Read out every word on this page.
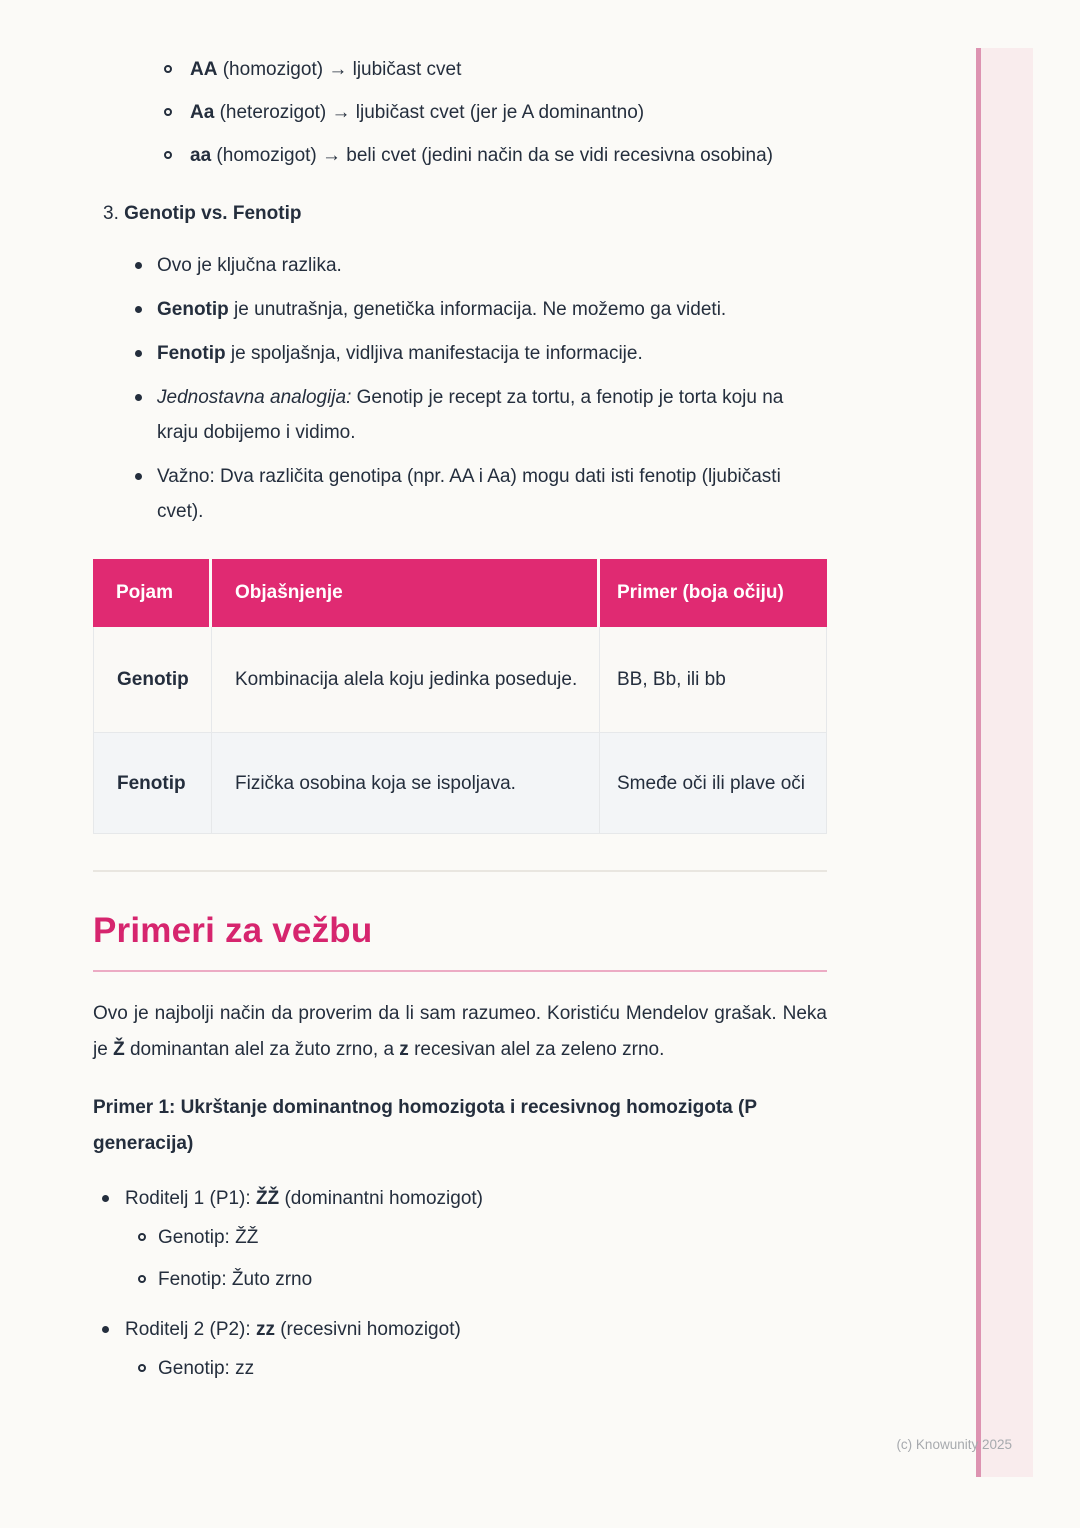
AA (homozigot) → ljubičast cvet
Aa (heterozigot) → ljubičast cvet (jer je A dominantno)
aa (homozigot) → beli cvet (jedini način da se vidi recesivna osobina)
3. Genotip vs. Fenotip
Ovo je ključna razlika.
Genotip je unutrašnja, genetička informacija. Ne možemo ga videti.
Fenotip je spoljašnja, vidljiva manifestacija te informacije.
Jednostavna analogija: Genotip je recept za tortu, a fenotip je torta koju na kraju dobijemo i vidimo.
Važno: Dva različita genotipa (npr. AA i Aa) mogu dati isti fenotip (ljubičasti cvet).
Pojam	Objašnjenje	Primer (boja očiju)
Genotip	Kombinacija alela koju jedinka poseduje.	BB, Bb, ili bb
Fenotip	Fizička osobina koja se ispoljava.	Smeđe oči ili plave oči
Primeri za vežbu

Ovo je najbolji način da proverim da li sam razumeo. Koristiću Mendelov grašak. Neka je Ž dominantan alel za žuto zrno, a z recesivan alel za zeleno zrno.

Primer 1: Ukrštanje dominantnog homozigota i recesivnog homozigota (P generacija)
Roditelj 1 (P1): ŽŽ (dominantni homozigot)
Genotip: ŽŽ
Fenotip: Žuto zrno
Roditelj 2 (P2): zz (recesivni homozigot)
Genotip: zz
(c) Knowunity 2025
